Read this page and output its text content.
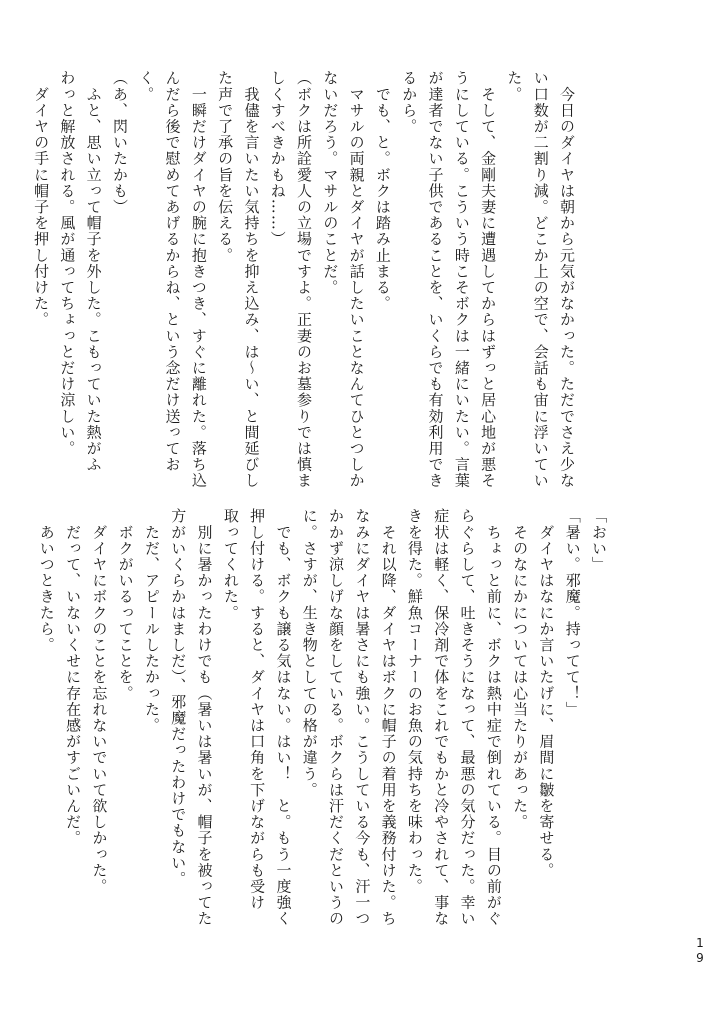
　今日のダイヤは朝から元気がなかった。ただでさえ少な
い口数が二割り減。どこか上の空で、会話も宙に浮いてい
た。
　そして、金剛夫妻に遭遇してからはずっと居心地が悪そ
うにしている。こういう時こそボクは一緒にいたい。言葉
が達者でない子供であることを、いくらでも有効利用でき
るから。
　でも、と。ボクは踏み止まる。
　マサルの両親とダイヤが話したいことなんてひとつしか
ないだろう。マサルのことだ。
（ボクは所詮愛人の立場ですよ。正妻のお墓参りでは慎ま
しくすべきかもね……）
　我儘を言いたい気持ちを抑え込み、は〜い、と間延びし
た声で了承の旨を伝える。
　一瞬だけダイヤの腕に抱きつき、すぐに離れた。落ち込
んだら後で慰めてあげるからね、という念だけ送ってお
く。
（あ、閃いたかも）
　ふと、思い立って帽子を外した。こもっていた熱がふ
わっと解放される。風が通ってちょっとだけ涼しい。
　ダイヤの手に帽子を押し付けた。
「おい」
「暑い。邪魔。持ってて！」
　ダイヤはなにか言いたげに、眉間に皺を寄せる。
　そのなにかについては心当たりがあった。
　ちょっと前に、ボクは熱中症で倒れている。目の前がぐ
らぐらして、吐きそうになって、最悪の気分だった。幸い
症状は軽く、保冷剤で体をこれでもかと冷やされて、事な
きを得た。鮮魚コーナーのお魚の気持ちを味わった。
　それ以降、ダイヤはボクに帽子の着用を義務付けた。ち
なみにダイヤは暑さにも強い。こうしている今も、汗一つ
かかず涼しげな顔をしている。ボクらは汗だくだというの
に。さすが、生き物としての格が違う。
　でも、ボクも譲る気はない。はい！　と。もう一度強く
押し付ける。すると、ダイヤは口角を下げながらも受け
取ってくれた。
　別に暑かったわけでも（暑いは暑いが、帽子を被ってた
方がいくらかはましだ）、邪魔だったわけでもない。
　ただ、アピールしたかった。
　ボクがいるってことを。
　ダイヤにボクのことを忘れないでいて欲しかった。
　だって、いないくせに存在感がすごいんだ。
　あいつときたら。
1
9
